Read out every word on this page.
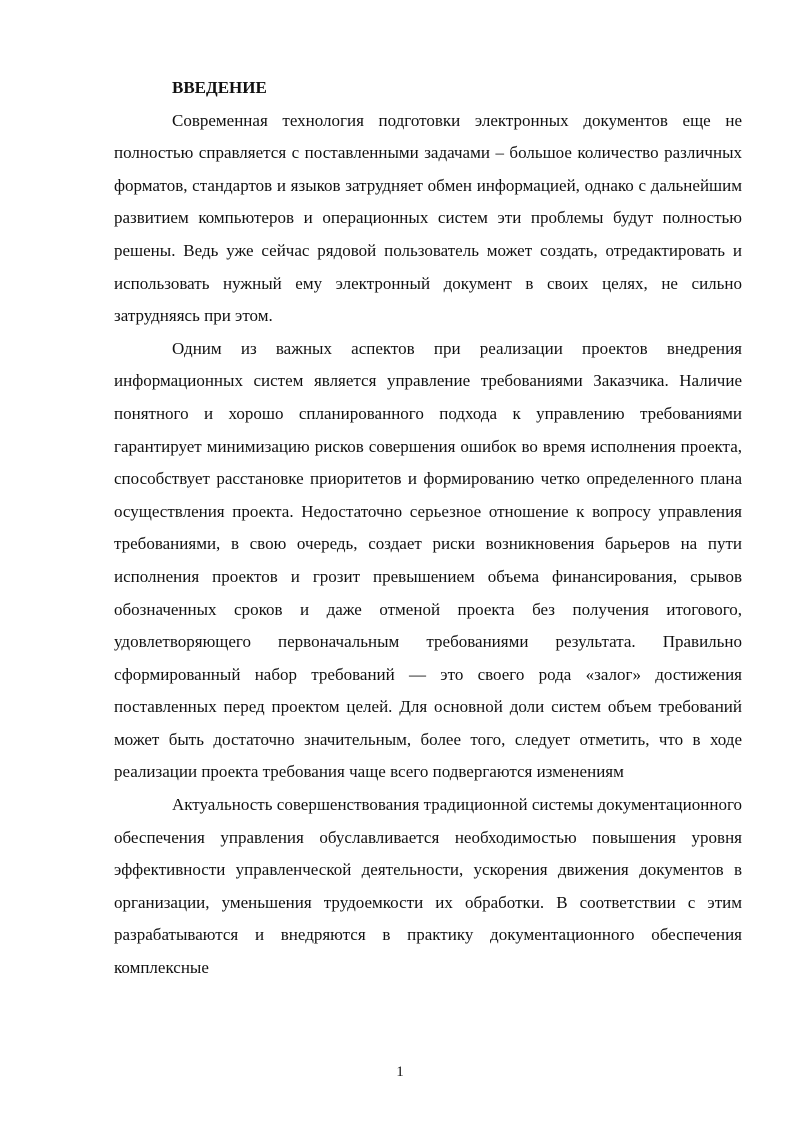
ВВЕДЕНИЕ

Современная технология подготовки электронных документов еще не полностью справляется с поставленными задачами – большое количество различных форматов, стандартов и языков затрудняет обмен информацией, однако с дальнейшим развитием компьютеров и операционных систем эти проблемы будут полностью решены. Ведь уже сейчас рядовой пользователь может создать, отредактировать и использовать нужный ему электронный документ в своих целях, не сильно затрудняясь при этом.

Одним из важных аспектов при реализации проектов внедрения информационных систем является управление требованиями Заказчика. Наличие понятного и хорошо спланированного подхода к управлению требованиями гарантирует минимизацию рисков совершения ошибок во время исполнения проекта, способствует расстановке приоритетов и формированию четко определенного плана осуществления проекта. Недостаточно серьезное отношение к вопросу управления требованиями, в свою очередь, создает риски возникновения барьеров на пути исполнения проектов и грозит превышением объема финансирования, срывов обозначенных сроков и даже отменой проекта без получения итогового, удовлетворяющего первоначальным требованиями результата. Правильно сформированный набор требований — это своего рода «залог» достижения поставленных перед проектом целей. Для основной доли систем объем требований может быть достаточно значительным, более того, следует отметить, что в ходе реализации проекта требования чаще всего подвергаются изменениям

Актуальность совершенствования традиционной системы документационного обеспечения управления обуславливается необходимостью повышения уровня эффективности управленческой деятельности, ускорения движения документов в организации, уменьшения трудоемкости их обработки. В соответствии с этим разрабатываются и внедряются в практику документационного обеспечения комплексные

1
